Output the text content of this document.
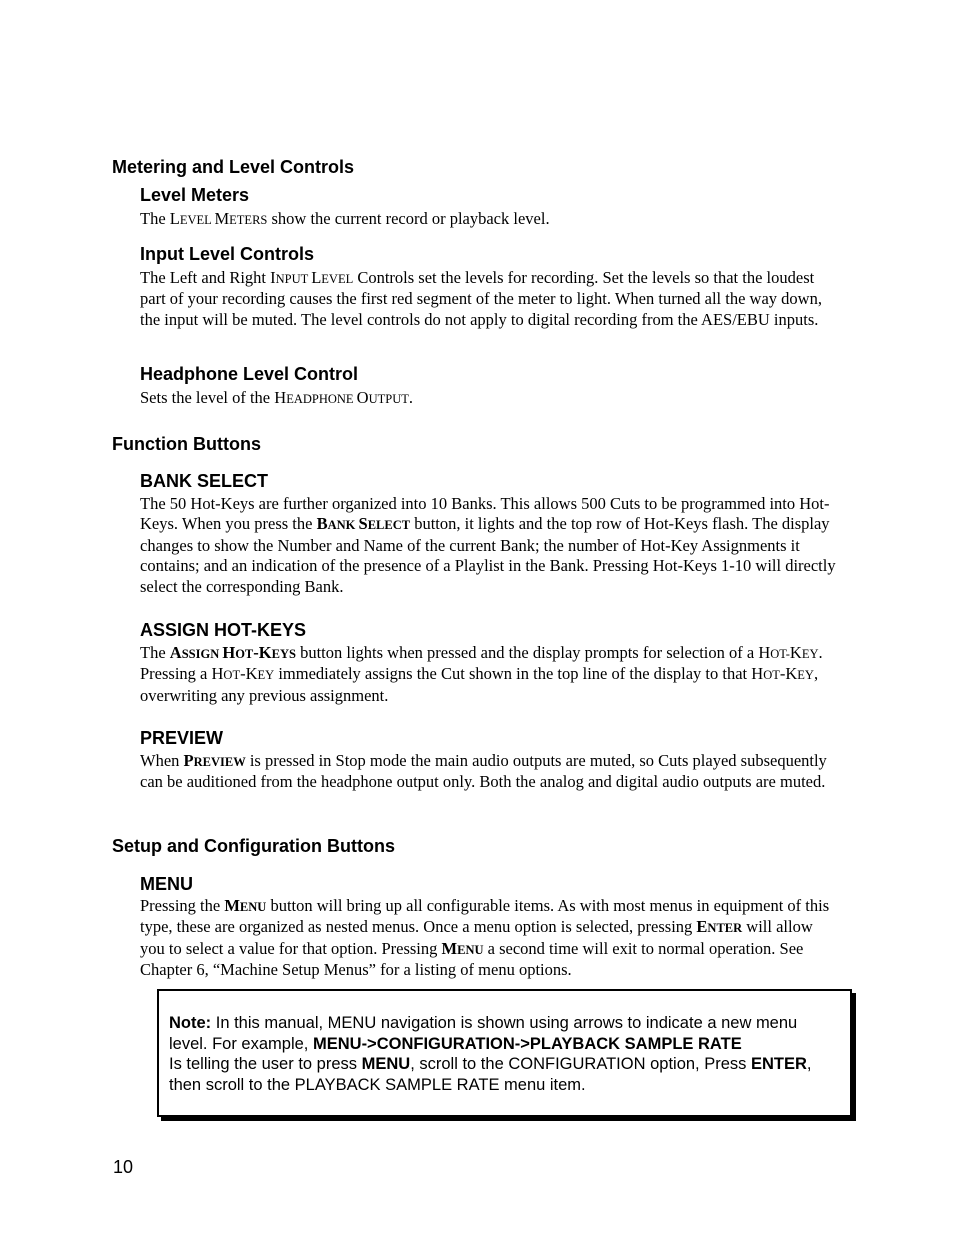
Metering and Level Controls
Level Meters
The LEVEL METERS show the current record or playback level.
Input Level Controls
The Left and Right INPUT LEVEL Controls set the levels for recording. Set the levels so that the loudest part of your recording causes the first red segment of the meter to light. When turned all the way down, the input will be muted. The level controls do not apply to digital recording from the AES/EBU inputs.
Headphone Level Control
Sets the level of the HEADPHONE OUTPUT.
Function Buttons
BANK SELECT
The 50 Hot-Keys are further organized into 10 Banks. This allows 500 Cuts to be programmed into Hot-Keys. When you press the BANK SELECT button, it lights and the top row of Hot-Keys flash. The display changes to show the Number and Name of the current Bank; the number of Hot-Key Assignments it contains; and an indication of the presence of a Playlist in the Bank. Pressing Hot-Keys 1-10 will directly select the corresponding Bank.
ASSIGN HOT-KEYS
The ASSIGN HOT-KEYS button lights when pressed and the display prompts for selection of a HOT-KEY. Pressing a HOT-KEY immediately assigns the Cut shown in the top line of the display to that HOT-KEY, overwriting any previous assignment.
PREVIEW
When PREVIEW is pressed in Stop mode the main audio outputs are muted, so Cuts played subsequently can be auditioned from the headphone output only. Both the analog and digital audio outputs are muted.
Setup and Configuration Buttons
MENU
Pressing the MENU button will bring up all configurable items. As with most menus in equipment of this type, these are organized as nested menus. Once a menu option is selected, pressing ENTER will allow you to select a value for that option. Pressing MENU a second time will exit to normal operation. See Chapter 6, “Machine Setup Menus” for a listing of menu options.
Note: In this manual, MENU navigation is shown using arrows to indicate a new menu level. For example, MENU->CONFIGURATION->PLAYBACK SAMPLE RATE
Is telling the user to press MENU, scroll to the CONFIGURATION option, Press ENTER, then scroll to the PLAYBACK SAMPLE RATE menu item.
10
